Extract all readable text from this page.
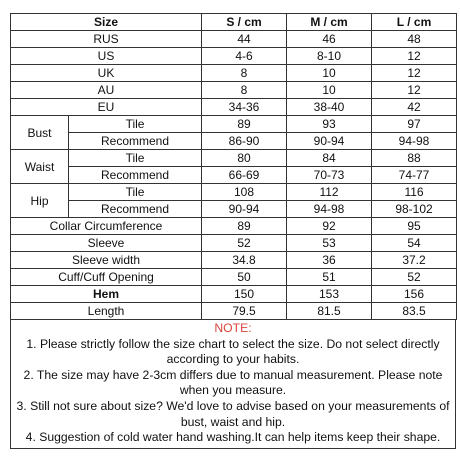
Size		S / cm	M / cm	L / cm
RUS		44	46	48
US		4-6	8-10	12
UK		8	10	12
AU		8	10	12
EU		34-36	38-40	42
Bust	Tile	89	93	97
	Recommend	86-90	90-94	94-98
Waist	Tile	80	84	88
	Recommend	66-69	70-73	74-77
Hip	Tile	108	112	116
	Recommend	90-94	94-98	98-102
Collar Circumference		89	92	95
Sleeve		52	53	54
Sleeve width		34.8	36	37.2
Cuff/Cuff Opening		50	51	52
Hem		150	153	156
Length		79.5	81.5	83.5
NOTE:
1. Please strictly follow the size chart to select the size. Do not select directly
according to your habits.
2. The size may have 2-3cm differs due to manual measurement. Please note
when you measure.
3. Still not sure about size? We'd love to advise based on your measurements of
bust, waist and hip.
4. Suggestion of cold water hand washing.It can help items keep their shape.
